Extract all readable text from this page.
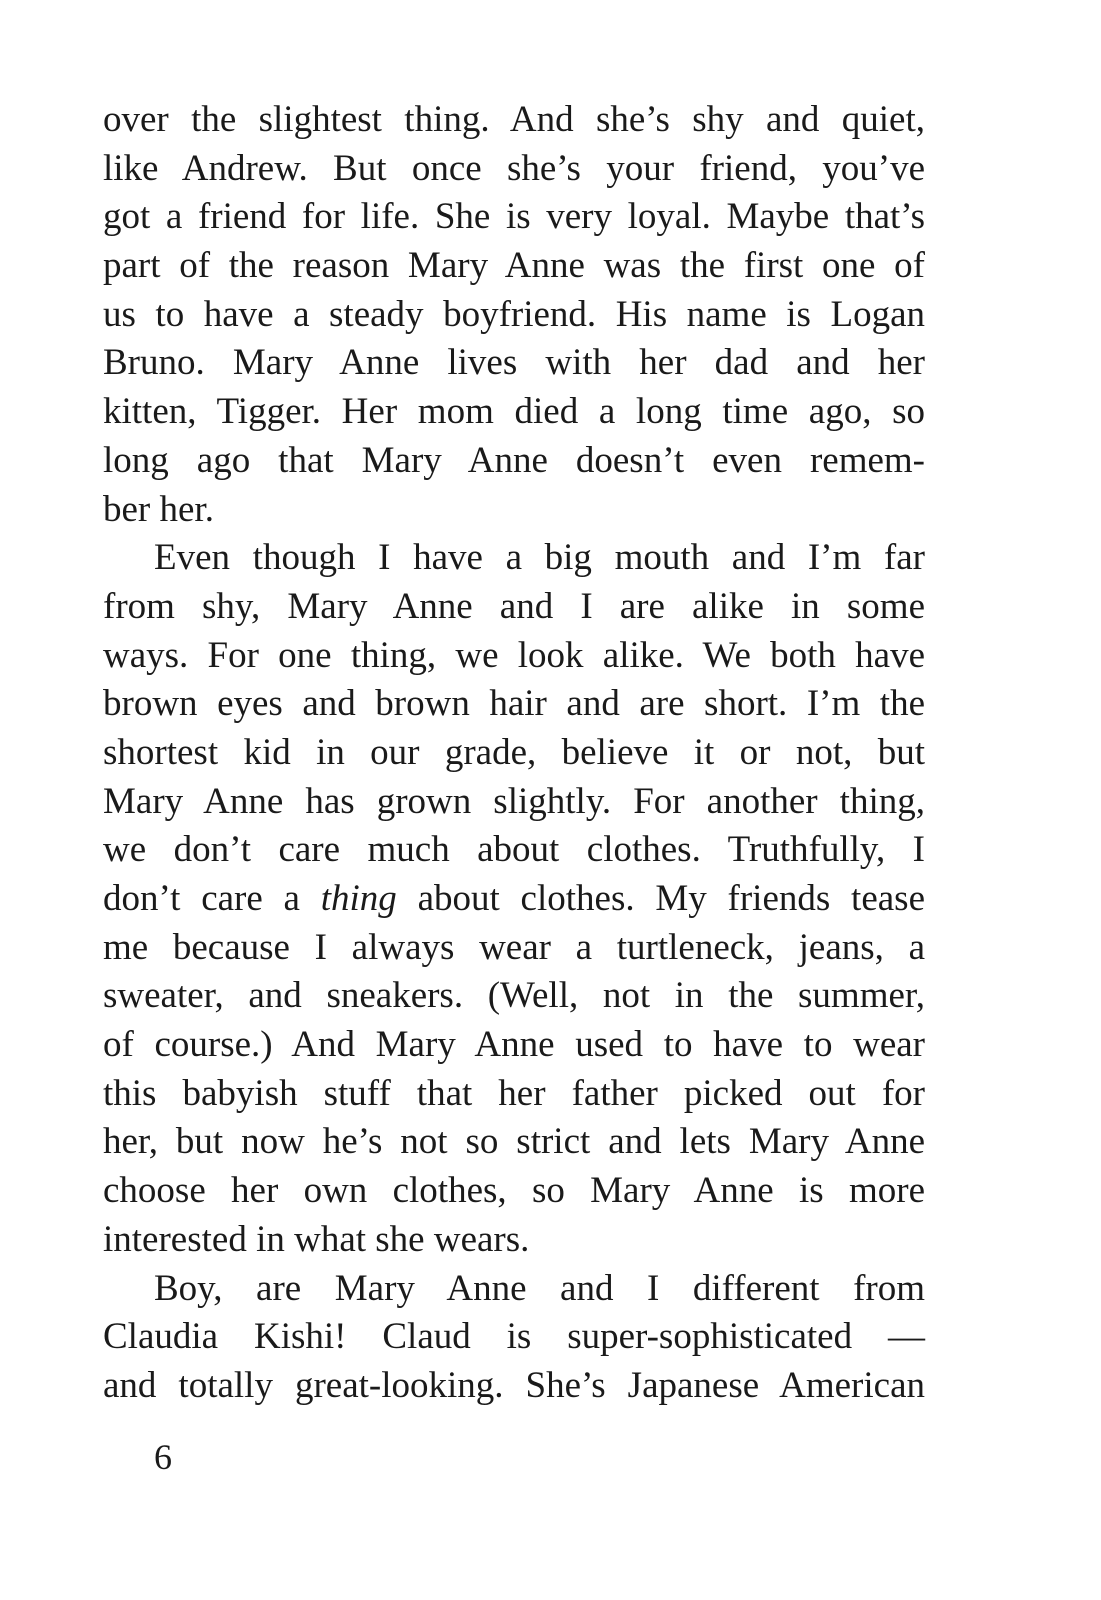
over the slightest thing. And she’s shy and quiet,
like Andrew. But once she’s your friend, you’ve
got a friend for life. She is very loyal. Maybe that’s
part of the reason Mary Anne was the first one of
us to have a steady boyfriend. His name is Logan
Bruno. Mary Anne lives with her dad and her
kitten, Tigger. Her mom died a long time ago, so
long ago that Mary Anne doesn’t even remem-
ber her.
Even though I have a big mouth and I’m far
from shy, Mary Anne and I are alike in some
ways. For one thing, we look alike. We both have
brown eyes and brown hair and are short. I’m the
shortest kid in our grade, believe it or not, but
Mary Anne has grown slightly. For another thing,
we don’t care much about clothes. Truthfully, I
don’t care a thing about clothes. My friends tease
me because I always wear a turtleneck, jeans, a
sweater, and sneakers. (Well, not in the summer,
of course.) And Mary Anne used to have to wear
this babyish stuff that her father picked out for
her, but now he’s not so strict and lets Mary Anne
choose her own clothes, so Mary Anne is more
interested in what she wears.
Boy, are Mary Anne and I different from
Claudia Kishi! Claud is super-sophisticated —
and totally great-looking. She’s Japanese American
6
